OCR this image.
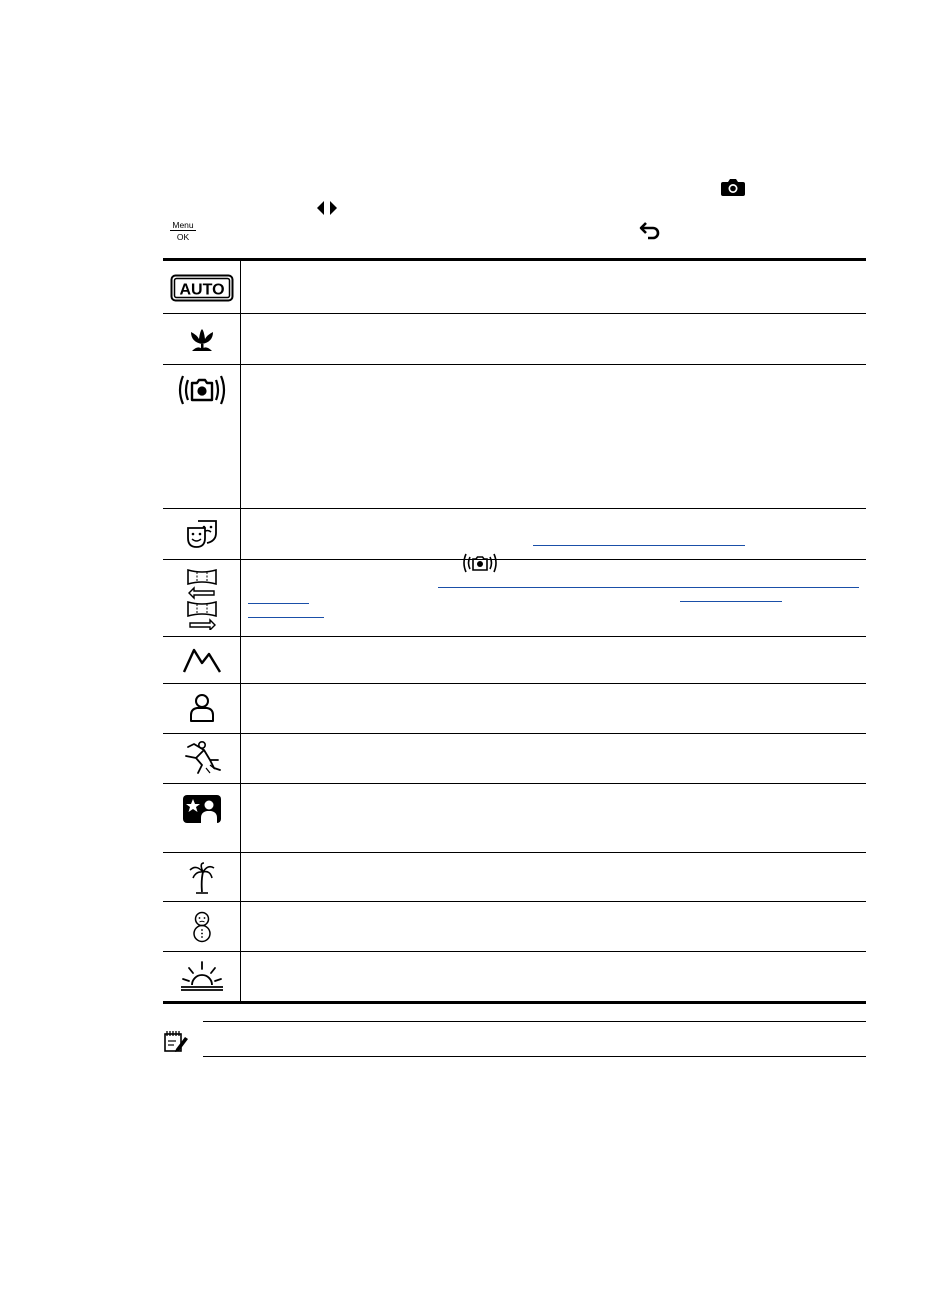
Menu
OK
AUTO
